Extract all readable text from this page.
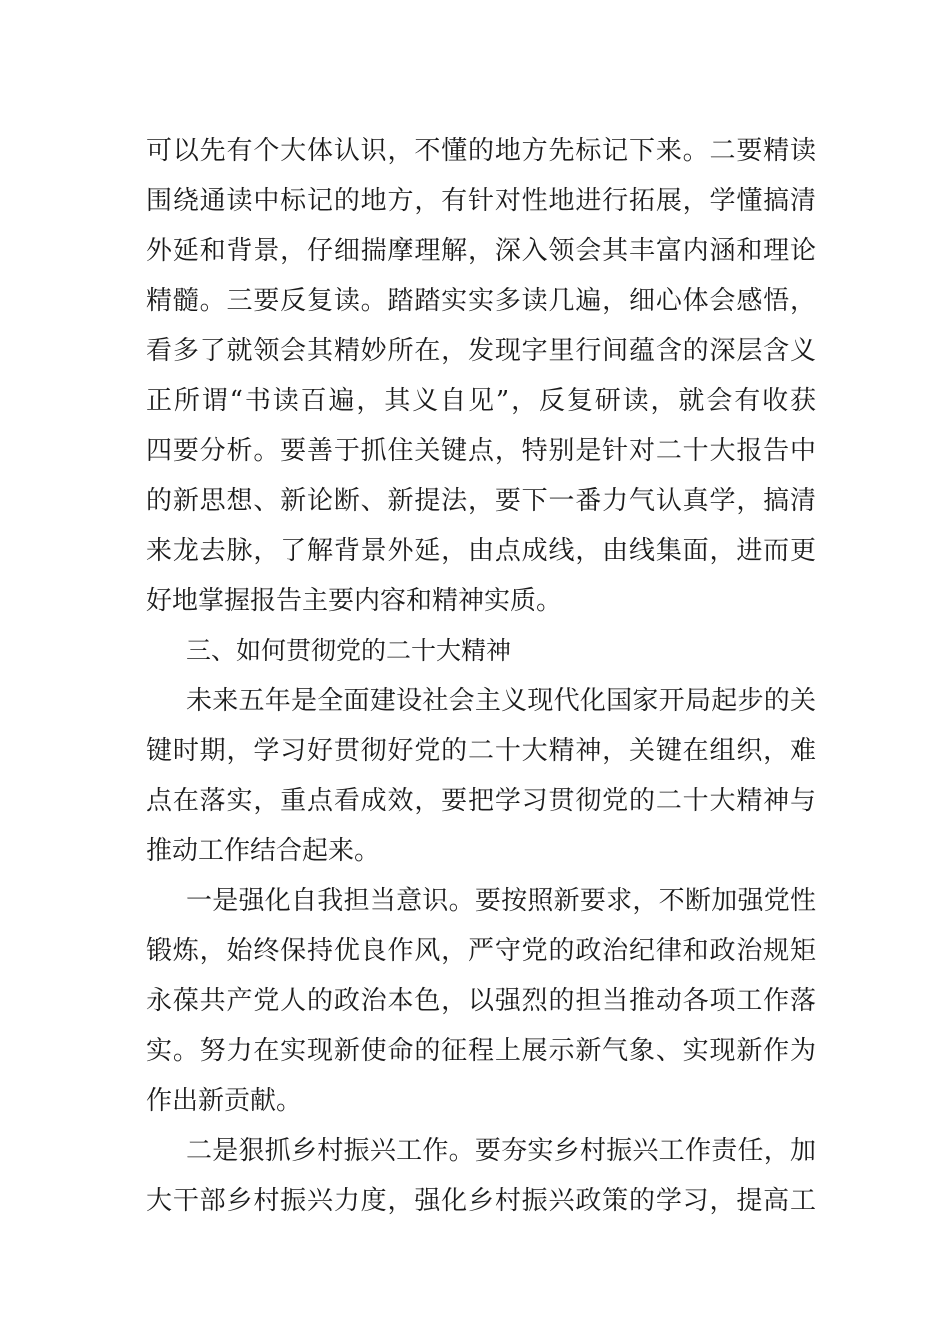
可以先有个大体认识，不懂的地方先标记下来。二要精读
围绕通读中标记的地方，有针对性地进行拓展，学懂搞清
外延和背景，仔细揣摩理解，深入领会其丰富内涵和理论
精髓。三要反复读。踏踏实实多读几遍，细心体会感悟，
看多了就领会其精妙所在，发现字里行间蕴含的深层含义
正所谓“书读百遍，其义自见”，反复研读，就会有收获
四要分析。要善于抓住关键点，特别是针对二十大报告中
的新思想、新论断、新提法，要下一番力气认真学，搞清
来龙去脉，了解背景外延，由点成线，由线集面，进而更
好地掌握报告主要内容和精神实质。
三、如何贯彻党的二十大精神
未来五年是全面建设社会主义现代化国家开局起步的关
键时期，学习好贯彻好党的二十大精神，关键在组织，难
点在落实，重点看成效，要把学习贯彻党的二十大精神与
推动工作结合起来。
一是强化自我担当意识。要按照新要求，不断加强党性
锻炼，始终保持优良作风，严守党的政治纪律和政治规矩
永葆共产党人的政治本色，以强烈的担当推动各项工作落
实。努力在实现新使命的征程上展示新气象、实现新作为
作出新贡献。
二是狠抓乡村振兴工作。要夯实乡村振兴工作责任，加
大干部乡村振兴力度，强化乡村振兴政策的学习，提高工
